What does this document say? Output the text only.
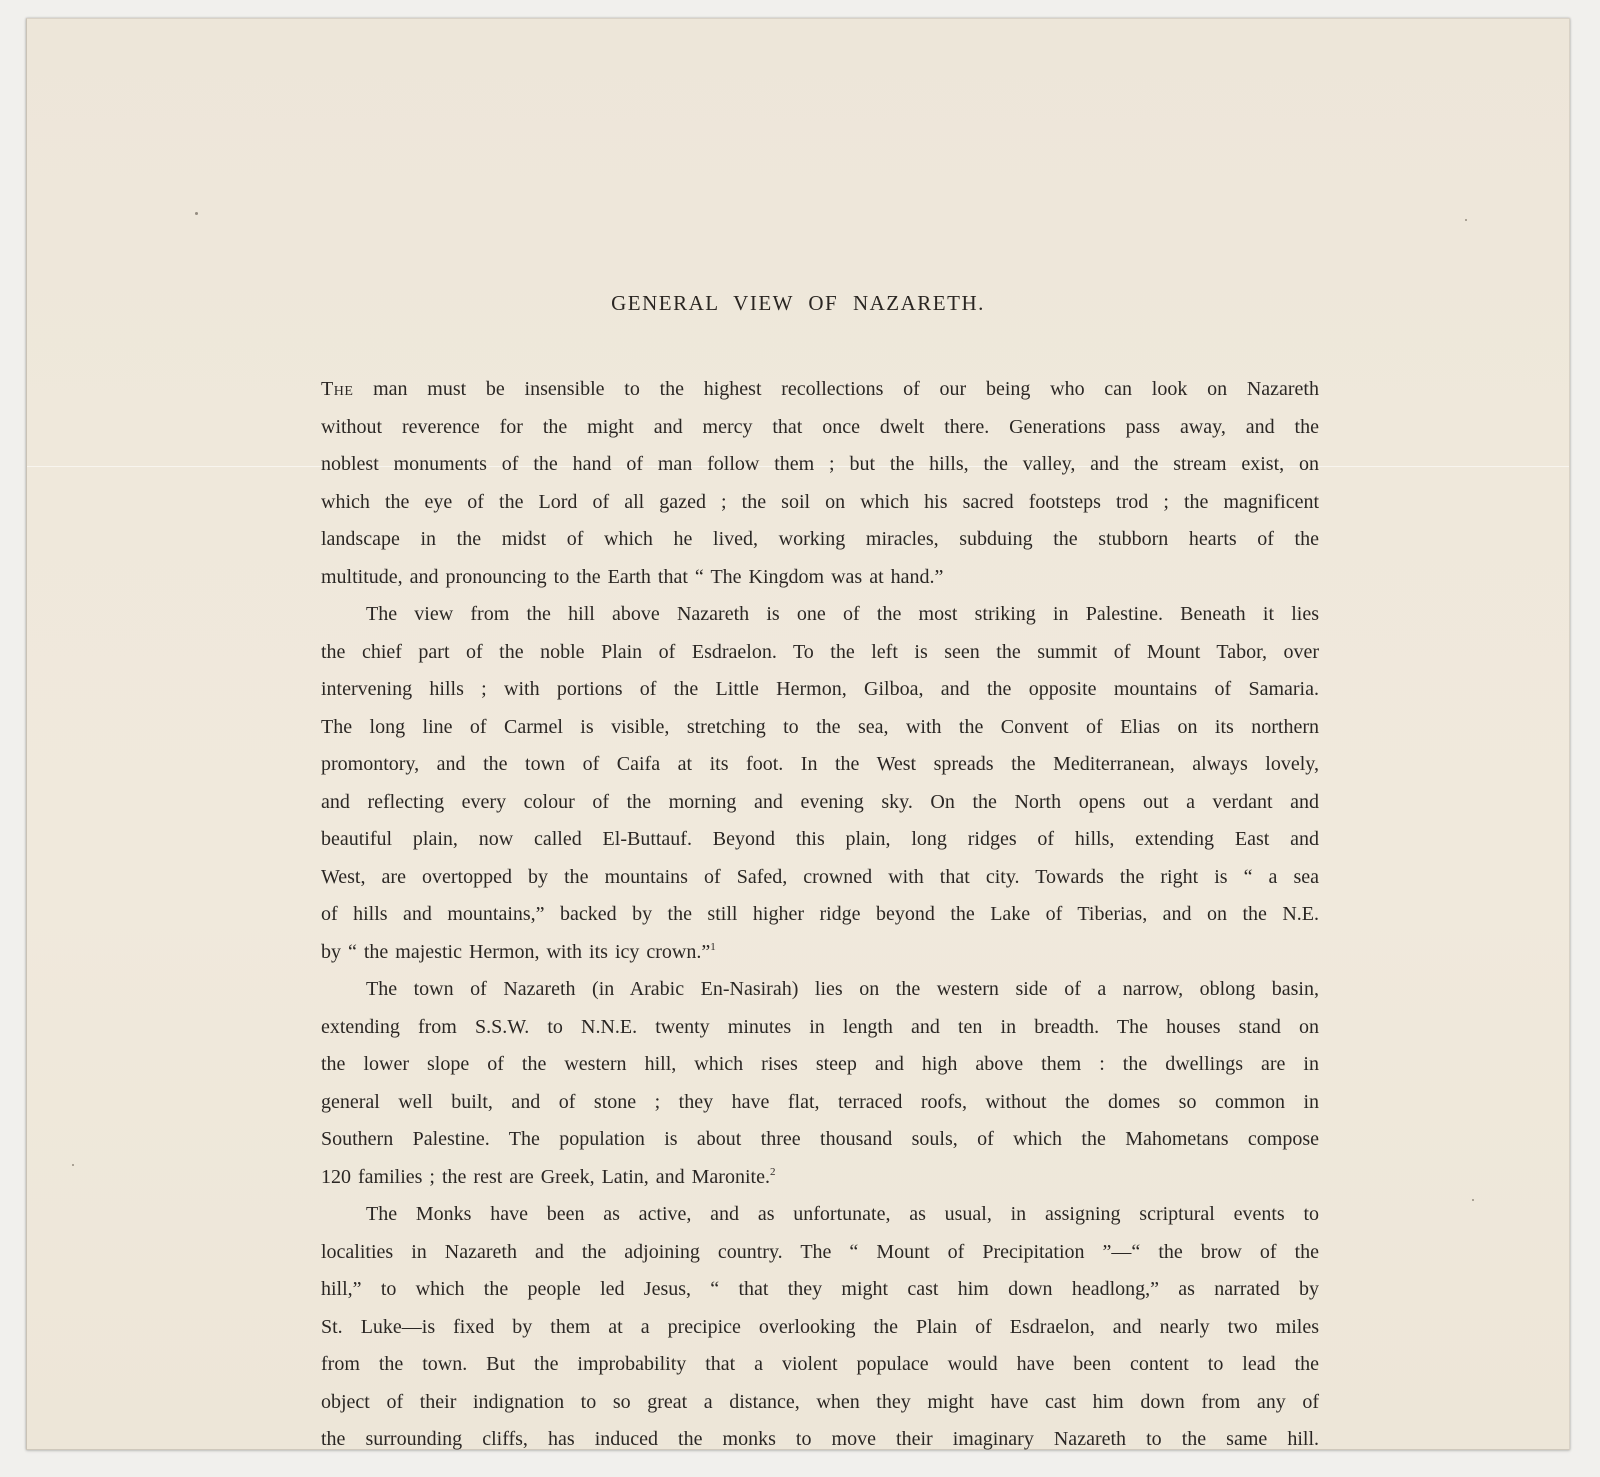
GENERAL VIEW OF NAZARETH.

The man must be insensible to the highest recollections of our being who can look on Nazareth

without reverence for the might and mercy that once dwelt there. Generations pass away, and the

noblest monuments of the hand of man follow them ; but the hills, the valley, and the stream exist, on

which the eye of the Lord of all gazed ; the soil on which his sacred footsteps trod ; the magnificent

landscape in the midst of which he lived, working miracles, subduing the stubborn hearts of the

multitude, and pronouncing to the Earth that “ The Kingdom was at hand.”

The view from the hill above Nazareth is one of the most striking in Palestine. Beneath it lies

the chief part of the noble Plain of Esdraelon. To the left is seen the summit of Mount Tabor, over

intervening hills ; with portions of the Little Hermon, Gilboa, and the opposite mountains of Samaria.

The long line of Carmel is visible, stretching to the sea, with the Convent of Elias on its northern

promontory, and the town of Caifa at its foot. In the West spreads the Mediterranean, always lovely,

and reflecting every colour of the morning and evening sky. On the North opens out a verdant and

beautiful plain, now called El-Buttauf. Beyond this plain, long ridges of hills, extending East and

West, are overtopped by the mountains of Safed, crowned with that city. Towards the right is “ a sea

of hills and mountains,” backed by the still higher ridge beyond the Lake of Tiberias, and on the N.E.

by “ the majestic Hermon, with its icy crown.”$^1$

The town of Nazareth (in Arabic En-Nasirah) lies on the western side of a narrow, oblong basin,

extending from S.S.W. to N.N.E. twenty minutes in length and ten in breadth. The houses stand on

the lower slope of the western hill, which rises steep and high above them : the dwellings are in

general well built, and of stone ; they have flat, terraced roofs, without the domes so common in

Southern Palestine. The population is about three thousand souls, of which the Mahometans compose

120 families ; the rest are Greek, Latin, and Maronite.$^2$

The Monks have been as active, and as unfortunate, as usual, in assigning scriptural events to

localities in Nazareth and the adjoining country. The “ Mount of Precipitation ”—“ the brow of the

hill,” to which the people led Jesus, “ that they might cast him down headlong,” as narrated by

St. Luke—is fixed by them at a precipice overlooking the Plain of Esdraelon, and nearly two miles

from the town. But the improbability that a violent populace would have been content to lead the

object of their indignation to so great a distance, when they might have cast him down from any of

the surrounding cliffs, has induced the monks to move their imaginary Nazareth to the same hill.
